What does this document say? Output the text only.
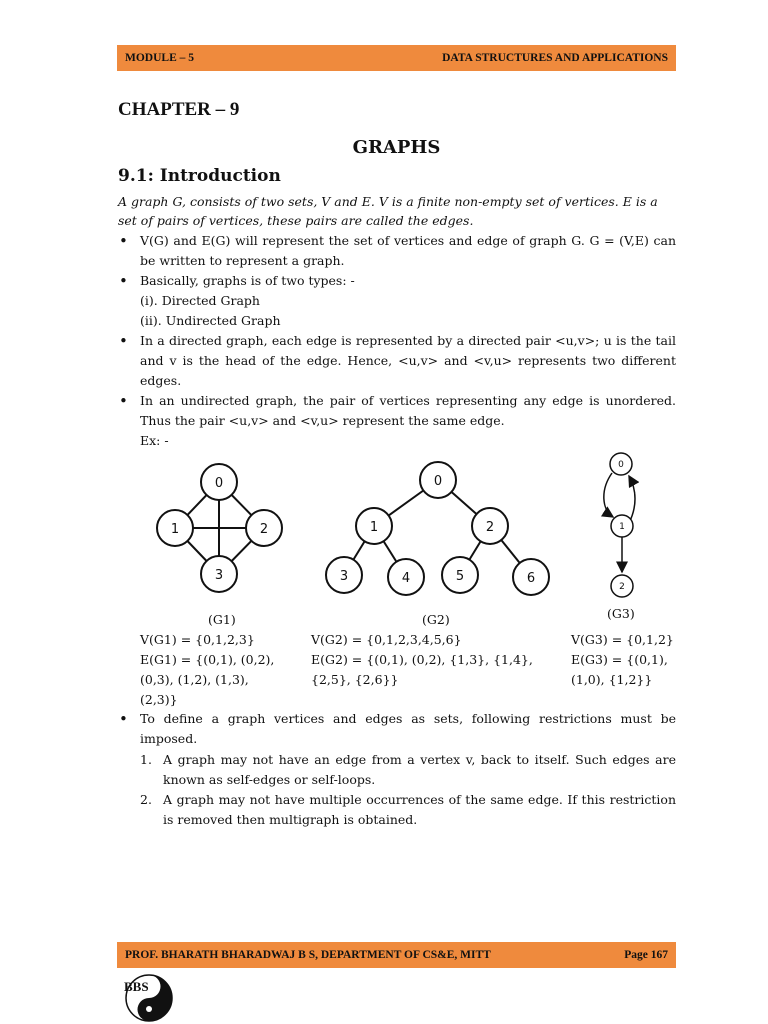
MODULE – 5	DATA STRUCTURES AND APPLICATIONS
CHAPTER – 9
GRAPHS
9.1: Introduction

A graph G, consists of two sets, V and E. V is a finite non-empty set of vertices. E is a set of pairs of vertices, these pairs are called the edges.

• V(G) and E(G) will represent the set of vertices and edge of graph G. G = (V,E) can be written to represent a graph.
• Basically, graphs is of two types: -
(i). Directed Graph
(ii). Undirected Graph
• In a directed graph, each edge is represented by a directed pair <u,v>; u is the tail and v is the head of the edge. Hence, <u,v> and <v,u> represents two different edges.
• In an undirected graph, the pair of vertices representing any edge is unordered. Thus the pair <u,v> and <v,u> represent the same edge.
Ex: -
0
1	2
3
0
1	2
3	4	5	6
0
1
2
(G1)
V(G1) = {0,1,2,3}
E(G1) = {(0,1), (0,2),
(0,3), (1,2), (1,3),
(2,3)}
(G2)
V(G2) = {0,1,2,3,4,5,6}
E(G2) = {(0,1), (0,2), {1,3}, {1,4},
{2,5}, {2,6}}
(G3)
V(G3) = {0,1,2}
E(G3) = {(0,1),
(1,0), {1,2}}
• To define a graph vertices and edges as sets, following restrictions must be imposed.
1. A graph may not have an edge from a vertex v, back to itself. Such edges are known as self-edges or self-loops.
2. A graph may not have multiple occurrences of the same edge. If this restriction is removed then multigraph is obtained.
PROF. BHARATH BHARADWAJ B S, DEPARTMENT OF CS&E, MITT	Page 167
BBS
